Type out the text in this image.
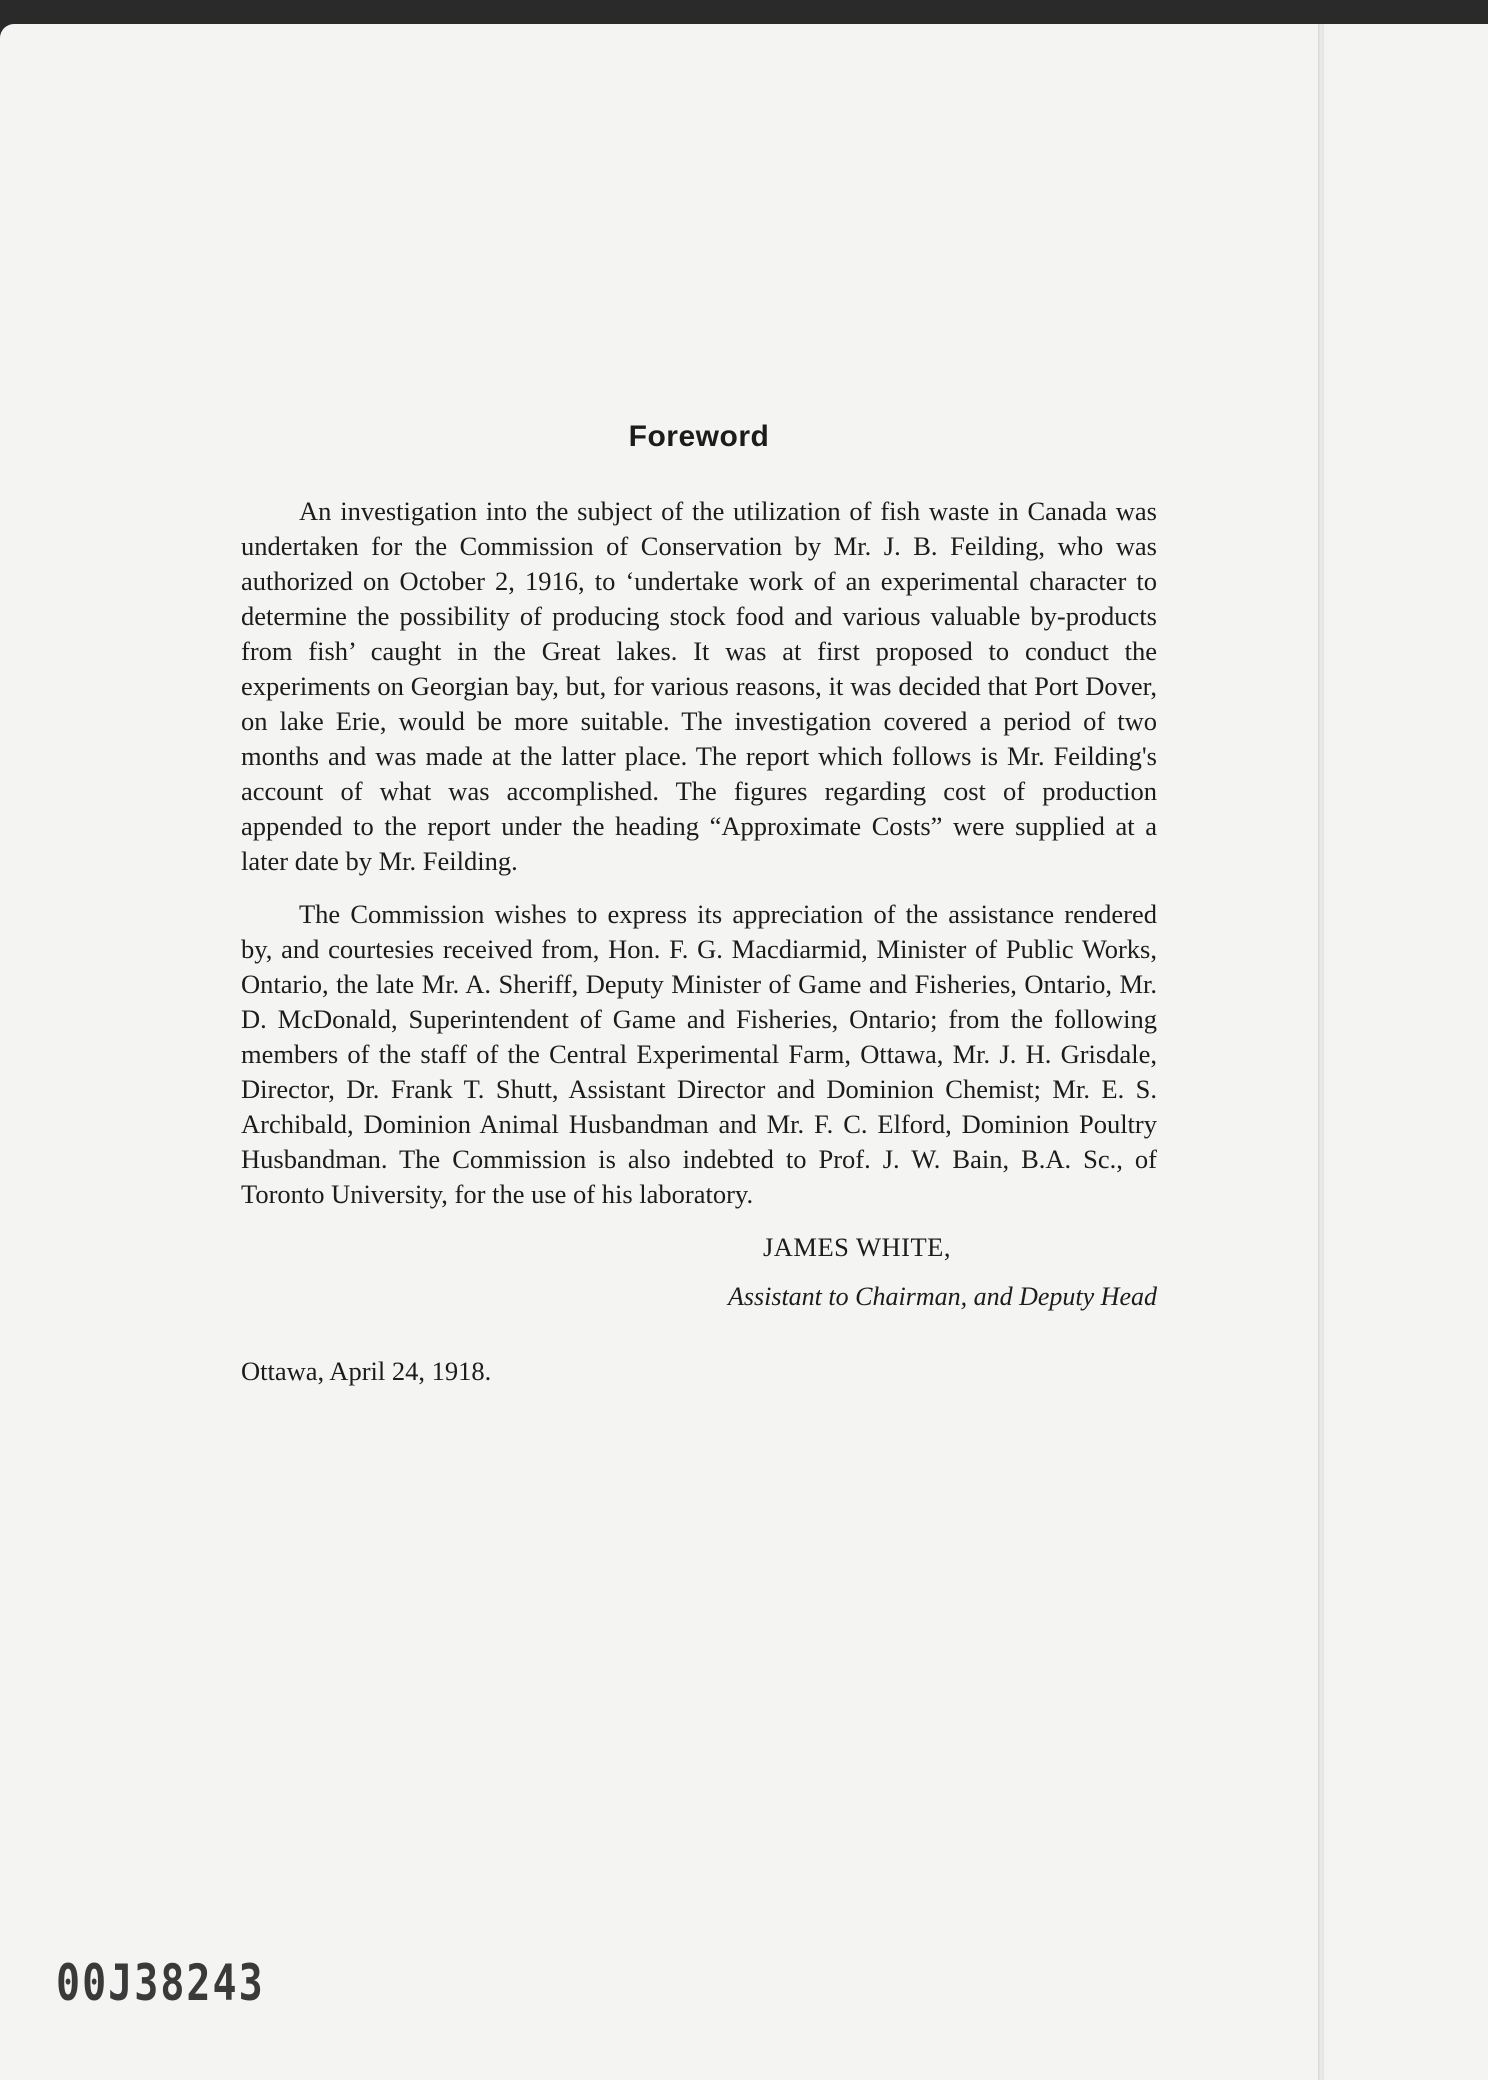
Foreword

An investigation into the subject of the utilization of fish waste in Canada was undertaken for the Commission of Conservation by Mr. J. B. Feilding, who was authorized on October 2, 1916, to ‘undertake work of an experimental character to determine the possibility of producing stock food and various valuable by-products from fish’ caught in the Great lakes. It was at first proposed to conduct the experiments on Georgian bay, but, for various reasons, it was decided that Port Dover, on lake Erie, would be more suitable. The investigation covered a period of two months and was made at the latter place. The report which follows is Mr. Feilding's account of what was accomplished. The figures regarding cost of production appended to the report under the heading “Approximate Costs” were supplied at a later date by Mr. Feilding.

The Commission wishes to express its appreciation of the assistance rendered by, and courtesies received from, Hon. F. G. Macdiarmid, Minister of Public Works, Ontario, the late Mr. A. Sheriff, Deputy Minister of Game and Fisheries, Ontario, Mr. D. McDonald, Superintendent of Game and Fisheries, Ontario; from the following members of the staff of the Central Experimental Farm, Ottawa, Mr. J. H. Grisdale, Director, Dr. Frank T. Shutt, Assistant Director and Dominion Chemist; Mr. E. S. Archibald, Dominion Animal Husbandman and Mr. F. C. Elford, Dominion Poultry Husbandman. The Commission is also indebted to Prof. J. W. Bain, B.A. Sc., of Toronto University, for the use of his laboratory.

JAMES WHITE,
Assistant to Chairman, and Deputy Head
Ottawa, April 24, 1918.
00J38243
